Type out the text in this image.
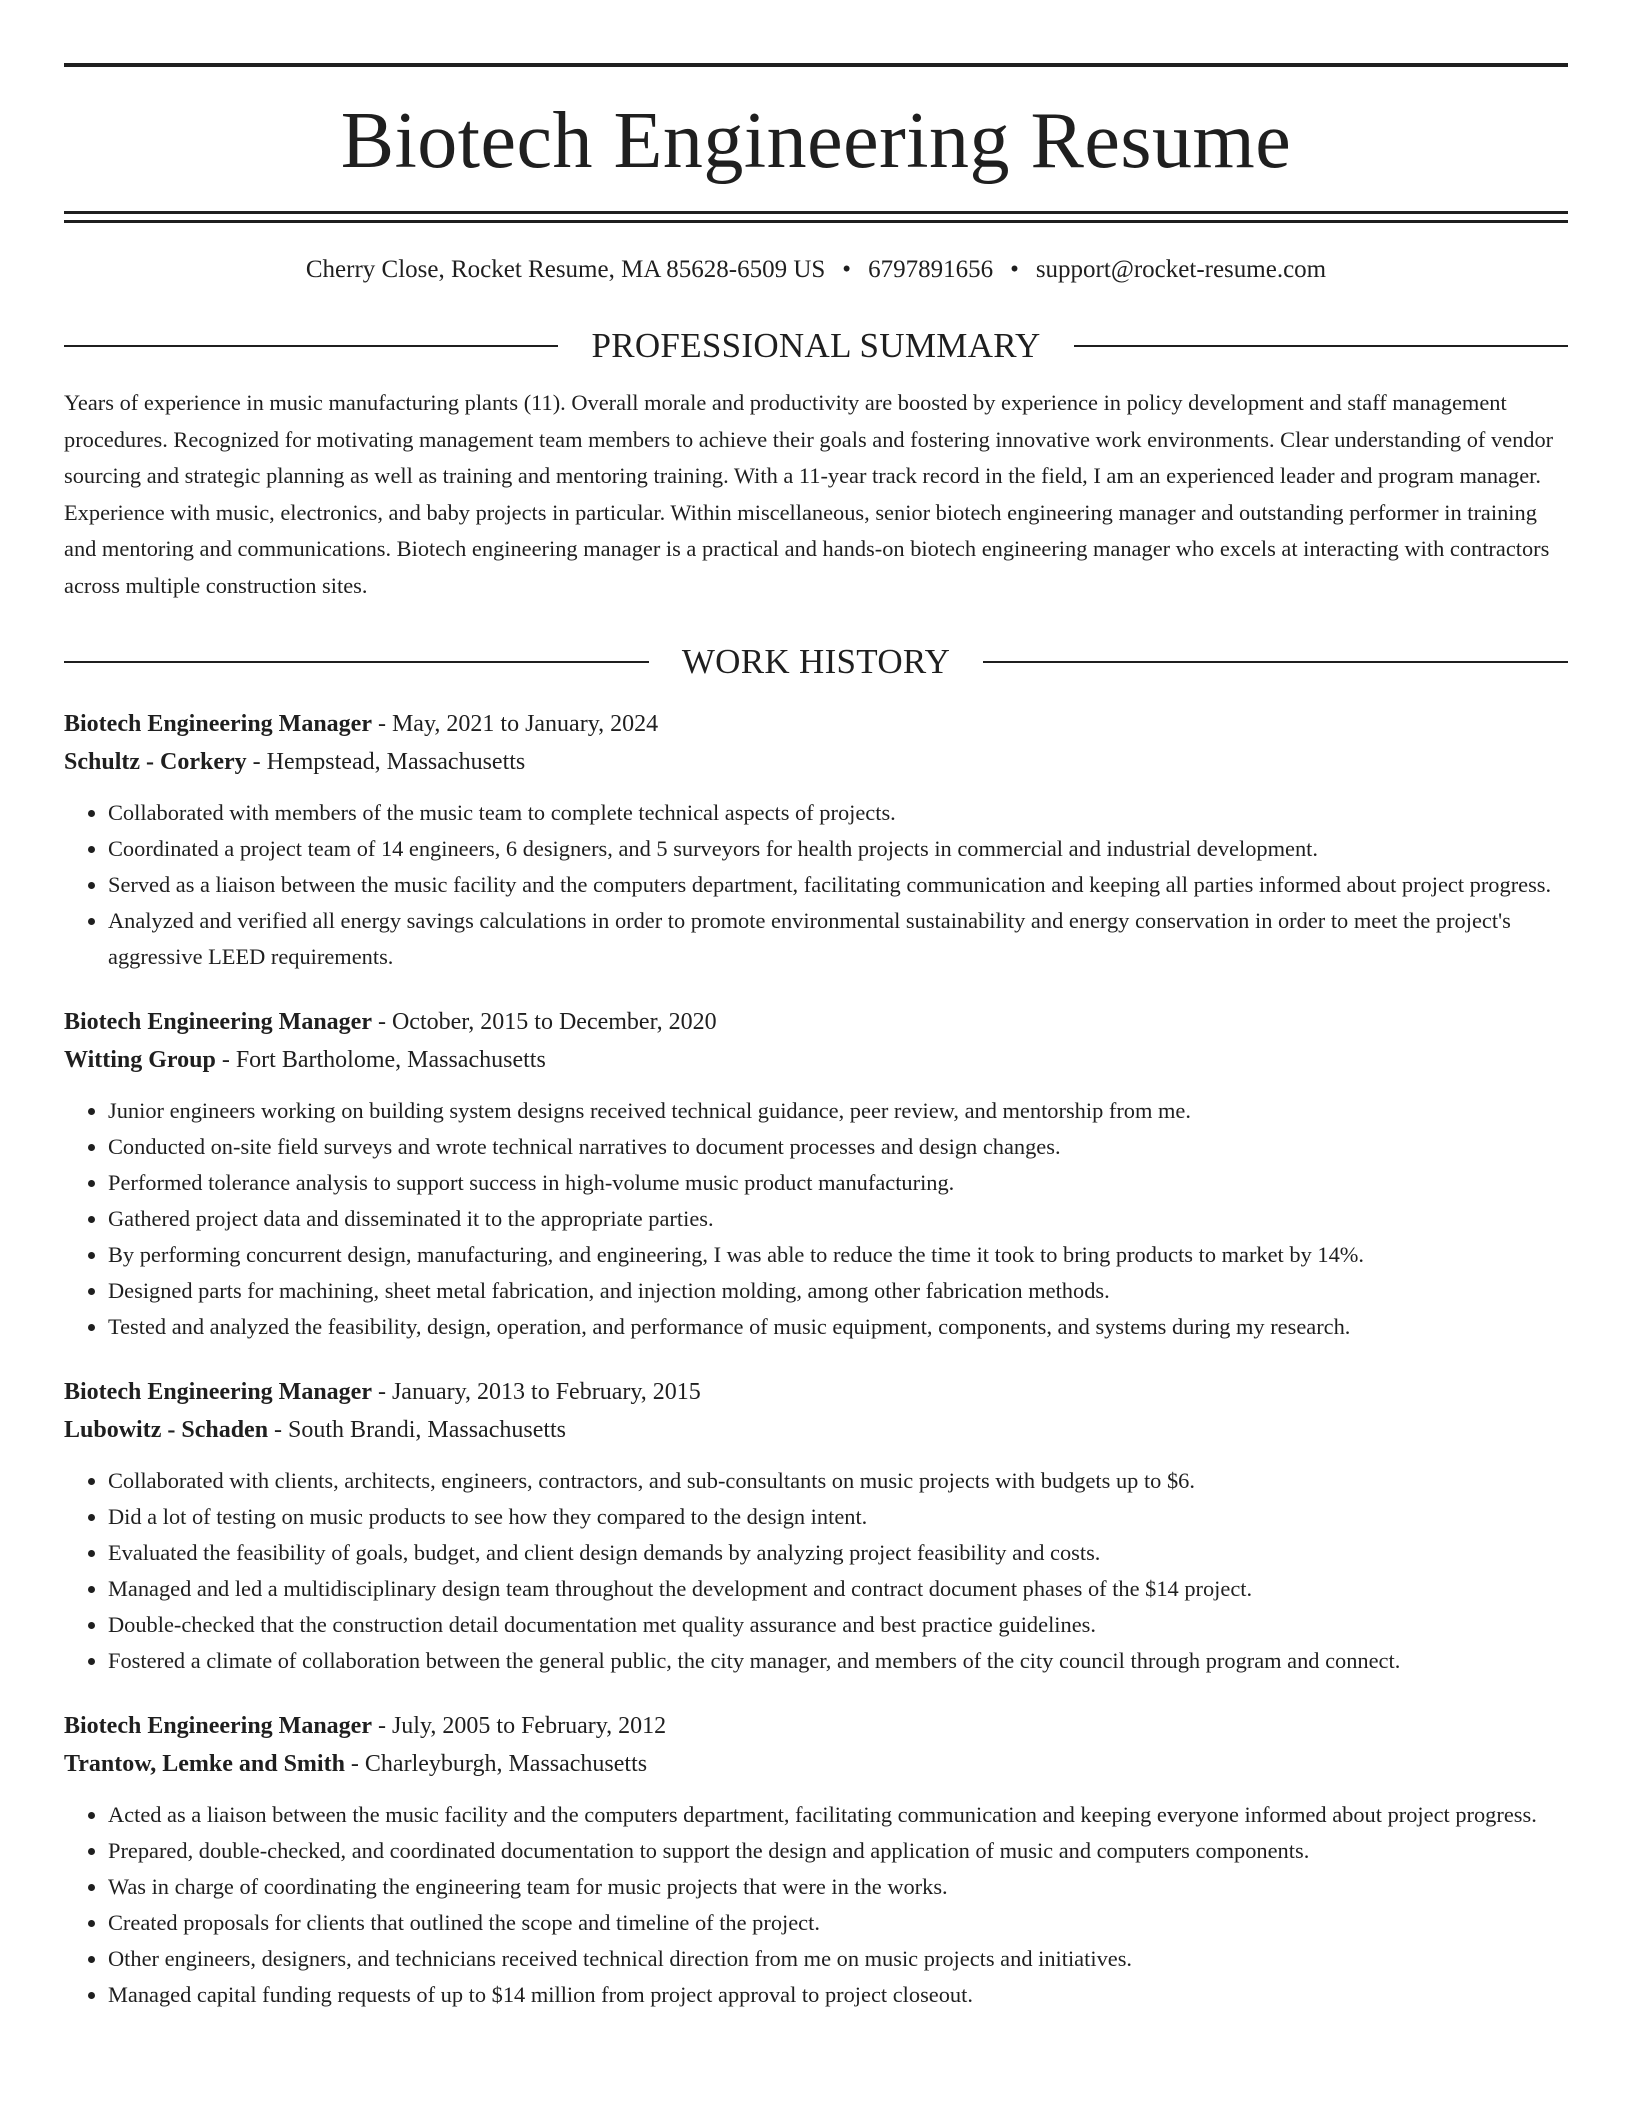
Biotech Engineering Resume
Cherry Close, Rocket Resume, MA 85628-6509 US • 6797891656 • support@rocket-resume.com
PROFESSIONAL SUMMARY

Years of experience in music manufacturing plants (11). Overall morale and productivity are boosted by experience in policy development and staff management procedures. Recognized for motivating management team members to achieve their goals and fostering innovative work environments. Clear understanding of vendor sourcing and strategic planning as well as training and mentoring training. With a 11-year track record in the field, I am an experienced leader and program manager. Experience with music, electronics, and baby projects in particular. Within miscellaneous, senior biotech engineering manager and outstanding performer in training and mentoring and communications. Biotech engineering manager is a practical and hands-on biotech engineering manager who excels at interacting with contractors across multiple construction sites.

WORK HISTORY
Biotech Engineering Manager - May, 2021 to January, 2024
Schultz - Corkery - Hempstead, Massachusetts
• Collaborated with members of the music team to complete technical aspects of projects.
• Coordinated a project team of 14 engineers, 6 designers, and 5 surveyors for health projects in commercial and industrial development.
• Served as a liaison between the music facility and the computers department, facilitating communication and keeping all parties informed about project progress.
• Analyzed and verified all energy savings calculations in order to promote environmental sustainability and energy conservation in order to meet the project's aggressive LEED requirements.
Biotech Engineering Manager - October, 2015 to December, 2020
Witting Group - Fort Bartholome, Massachusetts
• Junior engineers working on building system designs received technical guidance, peer review, and mentorship from me.
• Conducted on-site field surveys and wrote technical narratives to document processes and design changes.
• Performed tolerance analysis to support success in high-volume music product manufacturing.
• Gathered project data and disseminated it to the appropriate parties.
• By performing concurrent design, manufacturing, and engineering, I was able to reduce the time it took to bring products to market by 14%.
• Designed parts for machining, sheet metal fabrication, and injection molding, among other fabrication methods.
• Tested and analyzed the feasibility, design, operation, and performance of music equipment, components, and systems during my research.
Biotech Engineering Manager - January, 2013 to February, 2015
Lubowitz - Schaden - South Brandi, Massachusetts
• Collaborated with clients, architects, engineers, contractors, and sub-consultants on music projects with budgets up to $6.
• Did a lot of testing on music products to see how they compared to the design intent.
• Evaluated the feasibility of goals, budget, and client design demands by analyzing project feasibility and costs.
• Managed and led a multidisciplinary design team throughout the development and contract document phases of the $14 project.
• Double-checked that the construction detail documentation met quality assurance and best practice guidelines.
• Fostered a climate of collaboration between the general public, the city manager, and members of the city council through program and connect.
Biotech Engineering Manager - July, 2005 to February, 2012
Trantow, Lemke and Smith - Charleyburgh, Massachusetts
• Acted as a liaison between the music facility and the computers department, facilitating communication and keeping everyone informed about project progress.
• Prepared, double-checked, and coordinated documentation to support the design and application of music and computers components.
• Was in charge of coordinating the engineering team for music projects that were in the works.
• Created proposals for clients that outlined the scope and timeline of the project.
• Other engineers, designers, and technicians received technical direction from me on music projects and initiatives.
• Managed capital funding requests of up to $14 million from project approval to project closeout.
